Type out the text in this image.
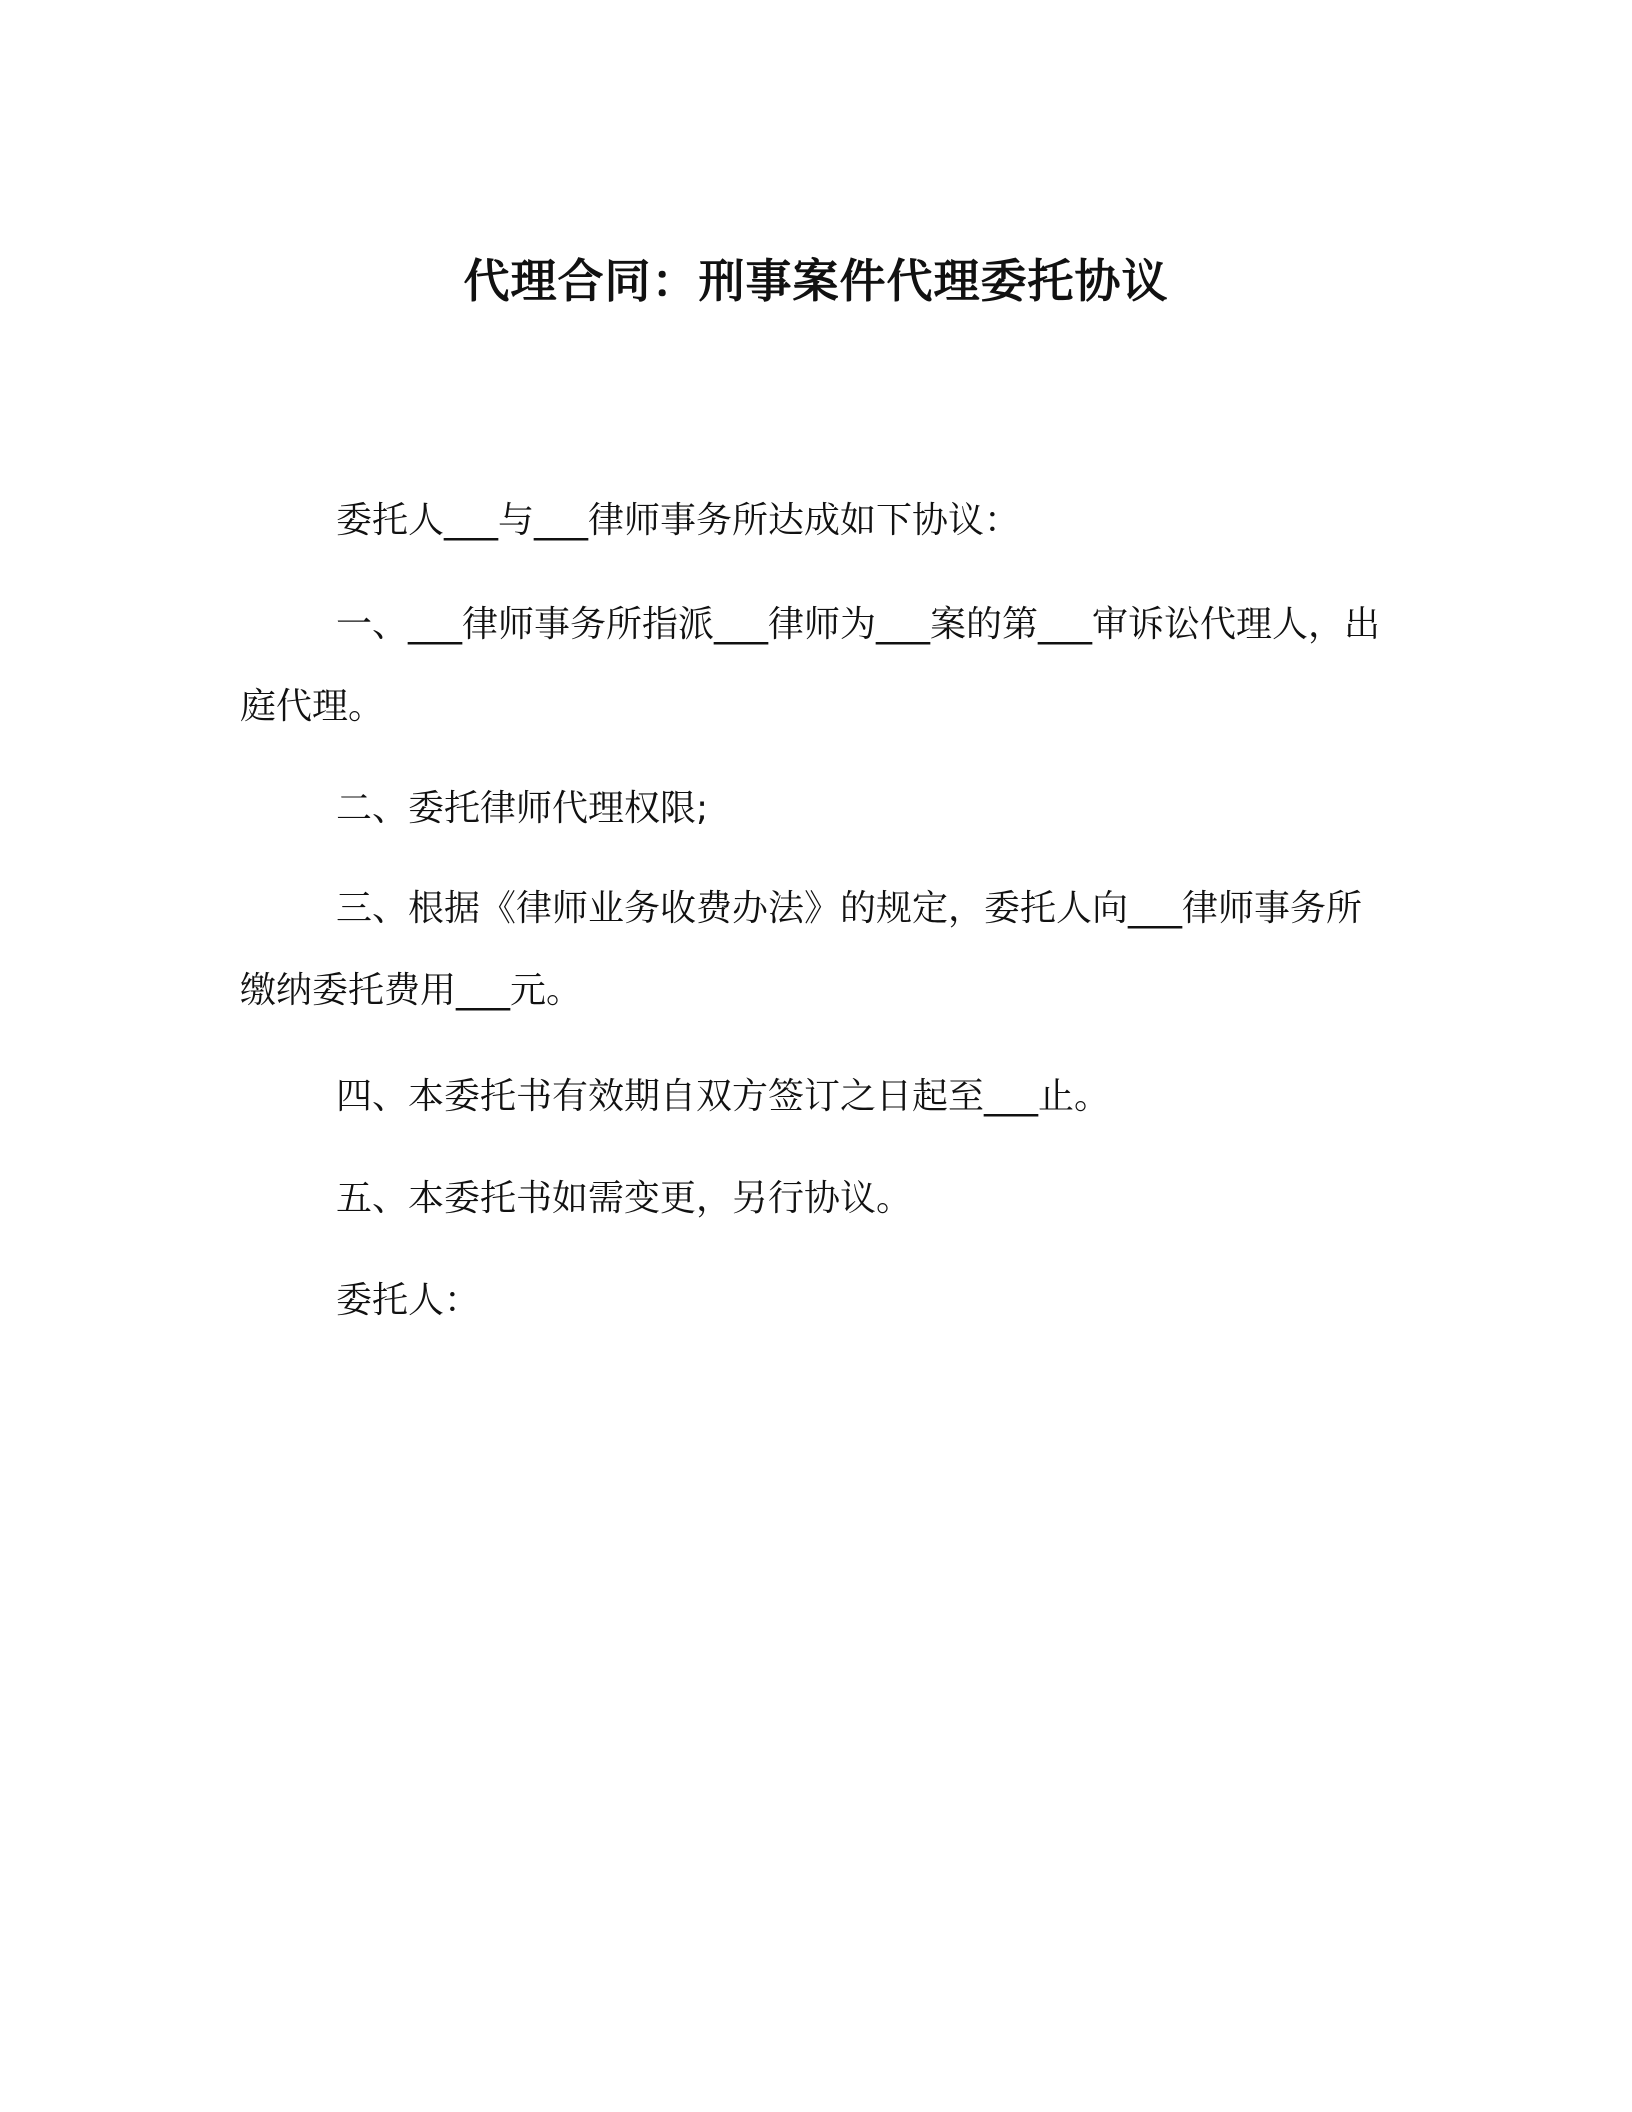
代理合同：刑事案件代理委托协议

委托人___与___律师事务所达成如下协议：

一、___律师事务所指派___律师为___案的第___审诉讼代理人，出庭代理。

二、委托律师代理权限;

三、根据《律师业务收费办法》的规定，委托人向___律师事务所缴纳委托费用___元。

四、本委托书有效期自双方签订之日起至___止。

五、本委托书如需变更，另行协议。

委托人：
